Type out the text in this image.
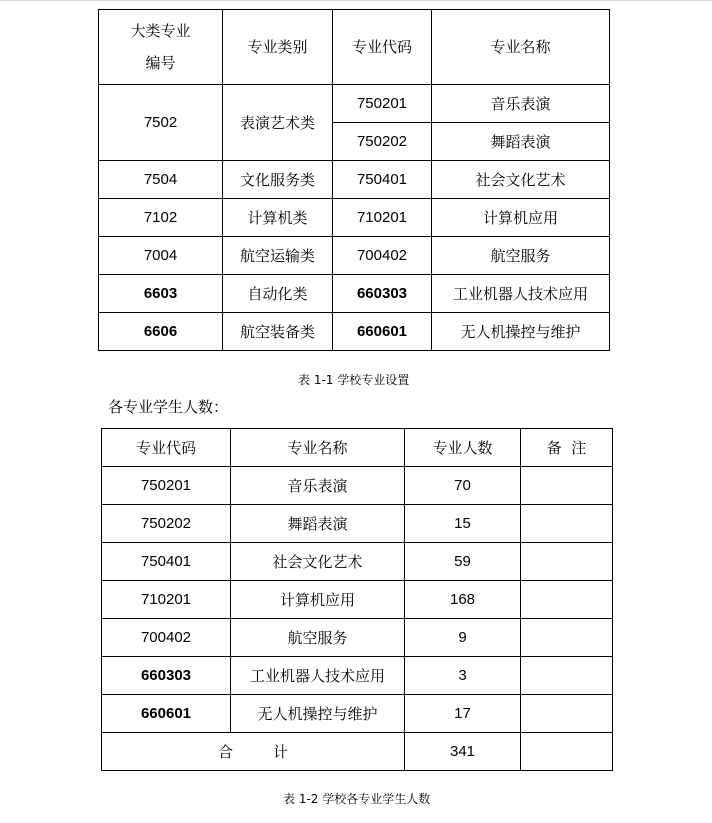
大类专业
编号	专业类别	专业代码	专业名称
7502	表演艺术类	750201	音乐表演
		750202	舞蹈表演
7504	文化服务类	750401	社会文化艺术
7102	计算机类	710201	计算机应用
7004	航空运输类	700402	航空服务
6603	自动化类	660303	工业机器人技术应用
6606	航空装备类	660601	无人机操控与维护
表 1-1 学校专业设置
各专业学生人数：
专业代码	专业名称	专业人数	备  注
750201	音乐表演	70	
750202	舞蹈表演	15	
750401	社会文化艺术	59	
710201	计算机应用	168	
700402	航空服务	9	
660303	工业机器人技术应用	3	
660601	无人机操控与维护	17	
合 计		341	
表 1-2 学校各专业学生人数
